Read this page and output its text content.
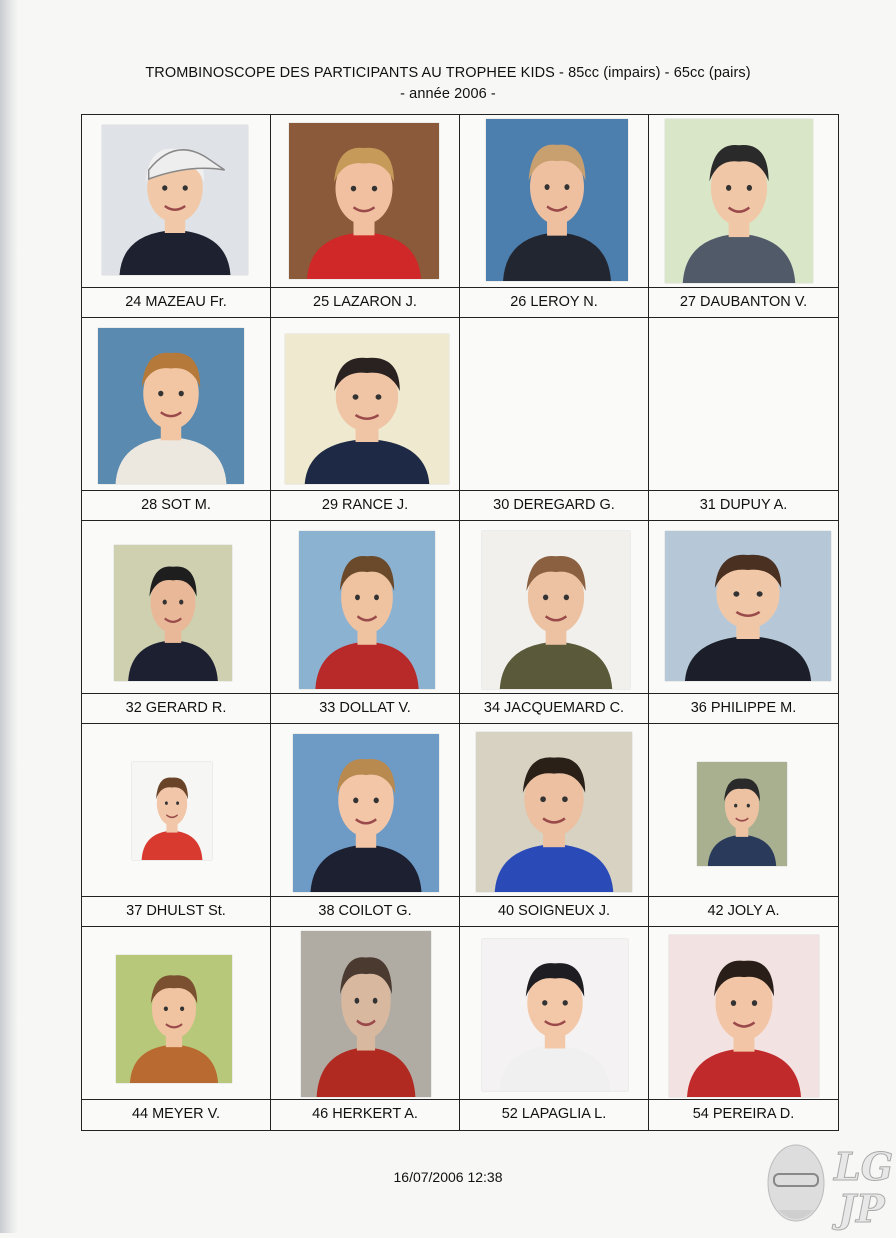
TROMBINOSCOPE DES PARTICIPANTS AU TROPHEE KIDS - 85cc (impairs) - 65cc (pairs)
- année 2006 -
24 MAZEAU Fr.	25 LAZARON J.	26 LEROY N.	27 DAUBANTON V.
28 SOT M.	29 RANCE J.	30 DEREGARD G.	31 DUPUY A.
32 GERARD R.	33 DOLLAT V.	34 JACQUEMARD C.	36 PHILIPPE M.
37 DHULST St.	38 COILOT G.	40 SOIGNEUX J.	42 JOLY A.
44 MEYER V.	46 HERKERT A.	52 LAPAGLIA L.	54 PEREIRA D.
16/07/2006 12:38	LG
JP
